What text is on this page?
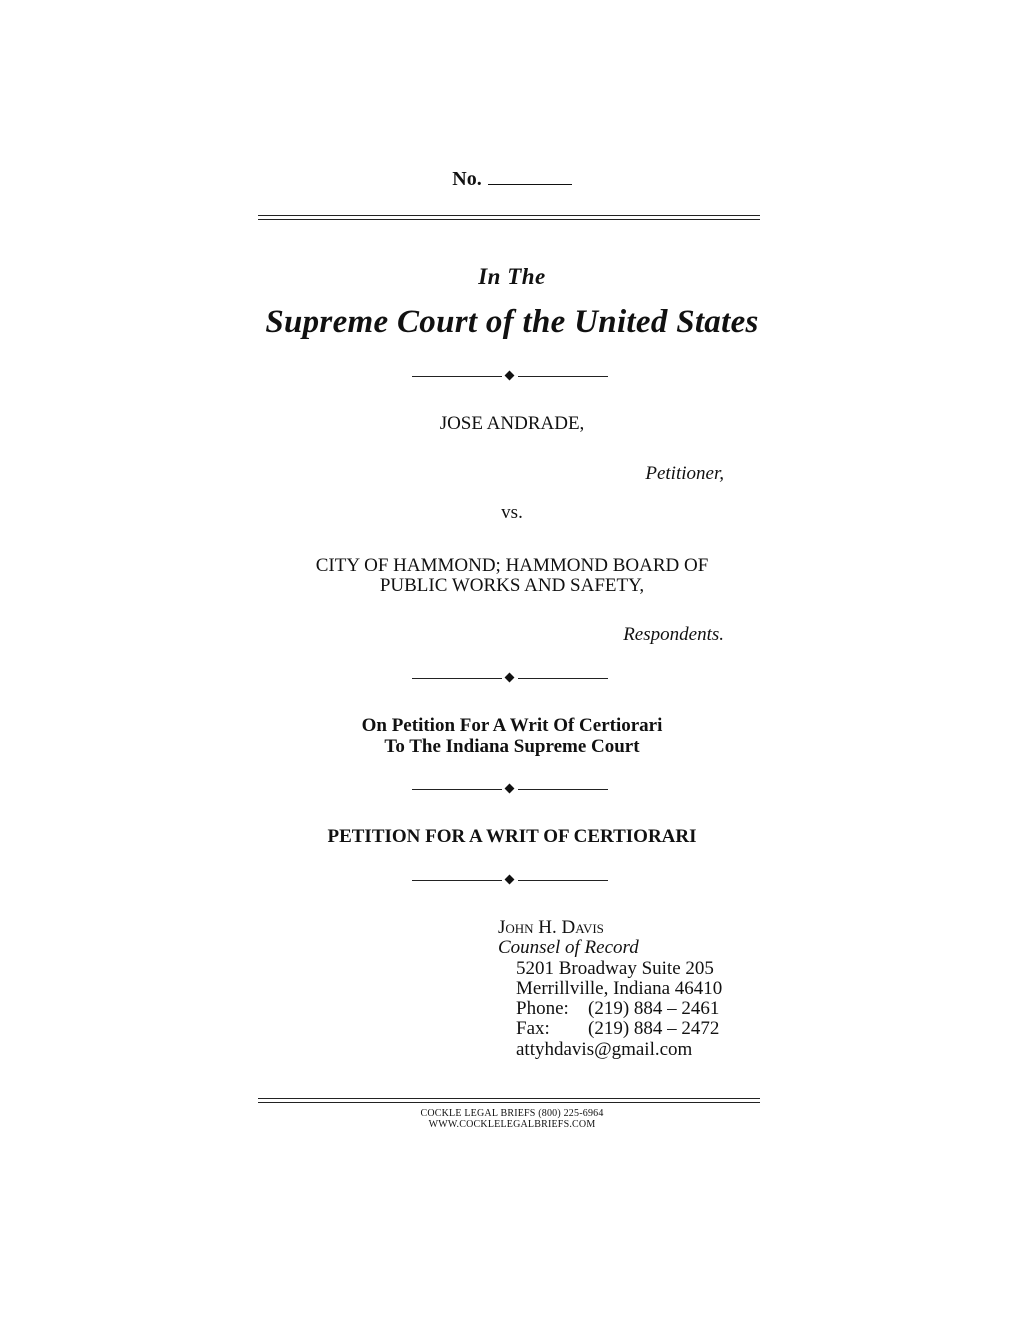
No.
In The
Supreme Court of the United States
JOSE ANDRADE,
Petitioner,
vs.
CITY OF HAMMOND; HAMMOND BOARD OF
PUBLIC WORKS AND SAFETY,
Respondents.
On Petition For A Writ Of Certiorari
To The Indiana Supreme Court
PETITION FOR A WRIT OF CERTIORARI
John H. Davis
Counsel of Record
5201 Broadway Suite 205
Merrillville, Indiana 46410
Phone: (219) 884 – 2461
Fax: (219) 884 – 2472
attyhdavis@gmail.com
COCKLE LEGAL BRIEFS (800) 225-6964
WWW.COCKLELEGALBRIEFS.COM
